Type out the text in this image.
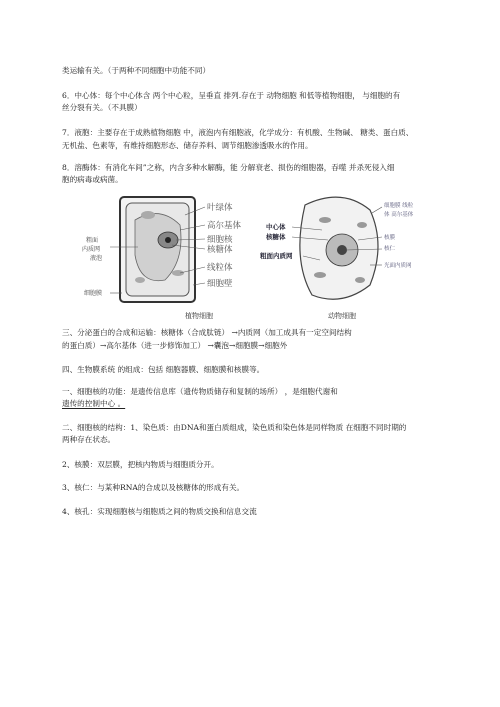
类运输有关。（于两种不同细胞中功能不同）
6．中心体：每个中心体含 两个中心粒，呈垂直 排列.存在于 动物细胞 和低等植物细胞， 与细胞的有
丝分裂有关。（不具膜）
7．液胞：主要存在于成熟植物细胞 中，液泡内有细胞液，化学成分：有机酸、生物碱、 糖类、蛋白质、
无机盐、色素等，有维持细胞形态、储存养料、调节细胞渗透吸水的作用。
8．溶酶体：有消化车间”之称，内含多种水解酶，能 分解衰老、损伤的细胞器，吞噬 并杀死侵入细
胞的病毒或病菌。
叶绿体
高尔基体
细胞核
核糖体
线粒体
细胞壁
粗面
内质网
液泡
细胞膜
植物细胞
中心体
核糖体
粗面内质网
细胞膜 线粒
体 高尔基体
核膜
核仁
光面内质网
动物细胞
三、分泌蛋白的合成和运输：核糖体（合成肽链） →内质网（加工成具有一定空间结构
的蛋白质）→高尔基体（进一步修饰加工） →囊泡→细胞膜→细胞外
四、生物膜系统 的组成：包括 细胞器膜、细胞膜和核膜等。
一、细胞核的功能：是遗传信息库（遗传物质储存和复制的场所） ，是细胞代谢和
遗传的控制中心 。
二、细胞核的结构：1、染色质：由DNA和蛋白质组成，染色质和染色体是同样物质 在细胞不同时期的
两种存在状态。
2、核膜：双层膜，把核内物质与细胞质分开。
3、核仁：与某种RNA的合成以及核糖体的形成有关。
4、核孔：实现细胞核与细胞质之间的物质交换和信息交流
